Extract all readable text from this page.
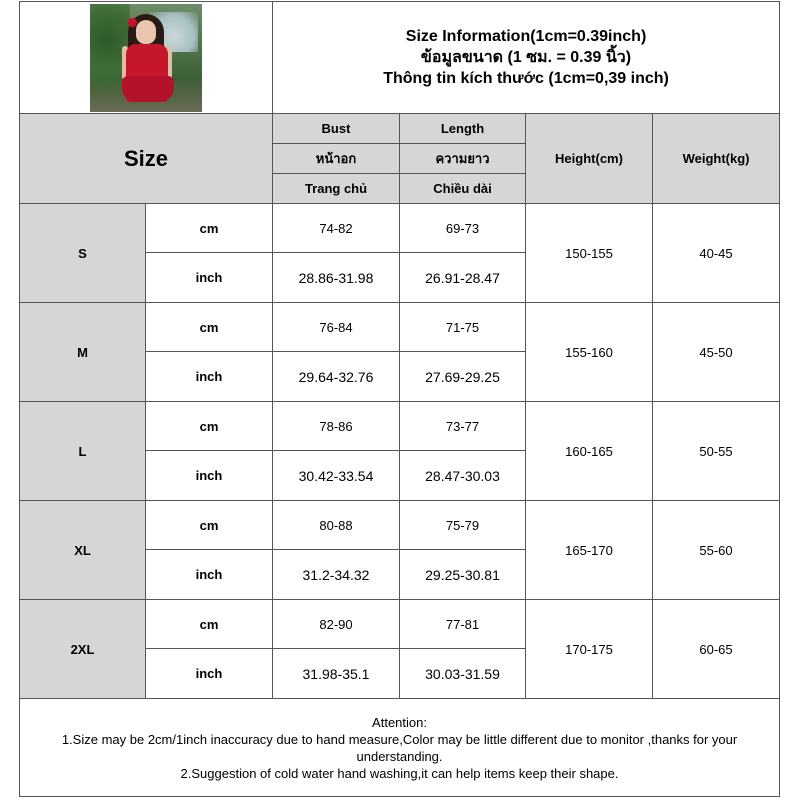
		Size Information(1cm=0.39inch)
ข้อมูลขนาด (1 ซม. = 0.39 นิ้ว)
Thông tin kích thước (1cm=0,39 inch)			

Size		Bust	Length	Height(cm)	Weight(kg)
		หน้าอก	ความยาว		
		Trang chủ	Chiều dài		
S	cm	74-82	69-73	150-155	40-45
	inch	28.86-31.98	26.91-28.47		
M	cm	76-84	71-75	155-160	45-50
	inch	29.64-32.76	27.69-29.25		
L	cm	78-86	73-77	160-165	50-55
	inch	30.42-33.54	28.47-30.03		
XL	cm	80-88	75-79	165-170	55-60
	inch	31.2-34.32	29.25-30.81		
2XL	cm	82-90	77-81	170-175	60-65
	inch	31.98-35.1	30.03-31.59		

Attention:
1.Size may be 2cm/1inch inaccuracy due to hand measure,Color may be little different due to monitor ,thanks for your understanding.
2.Suggestion of cold water hand washing,it can help items keep their shape.					
